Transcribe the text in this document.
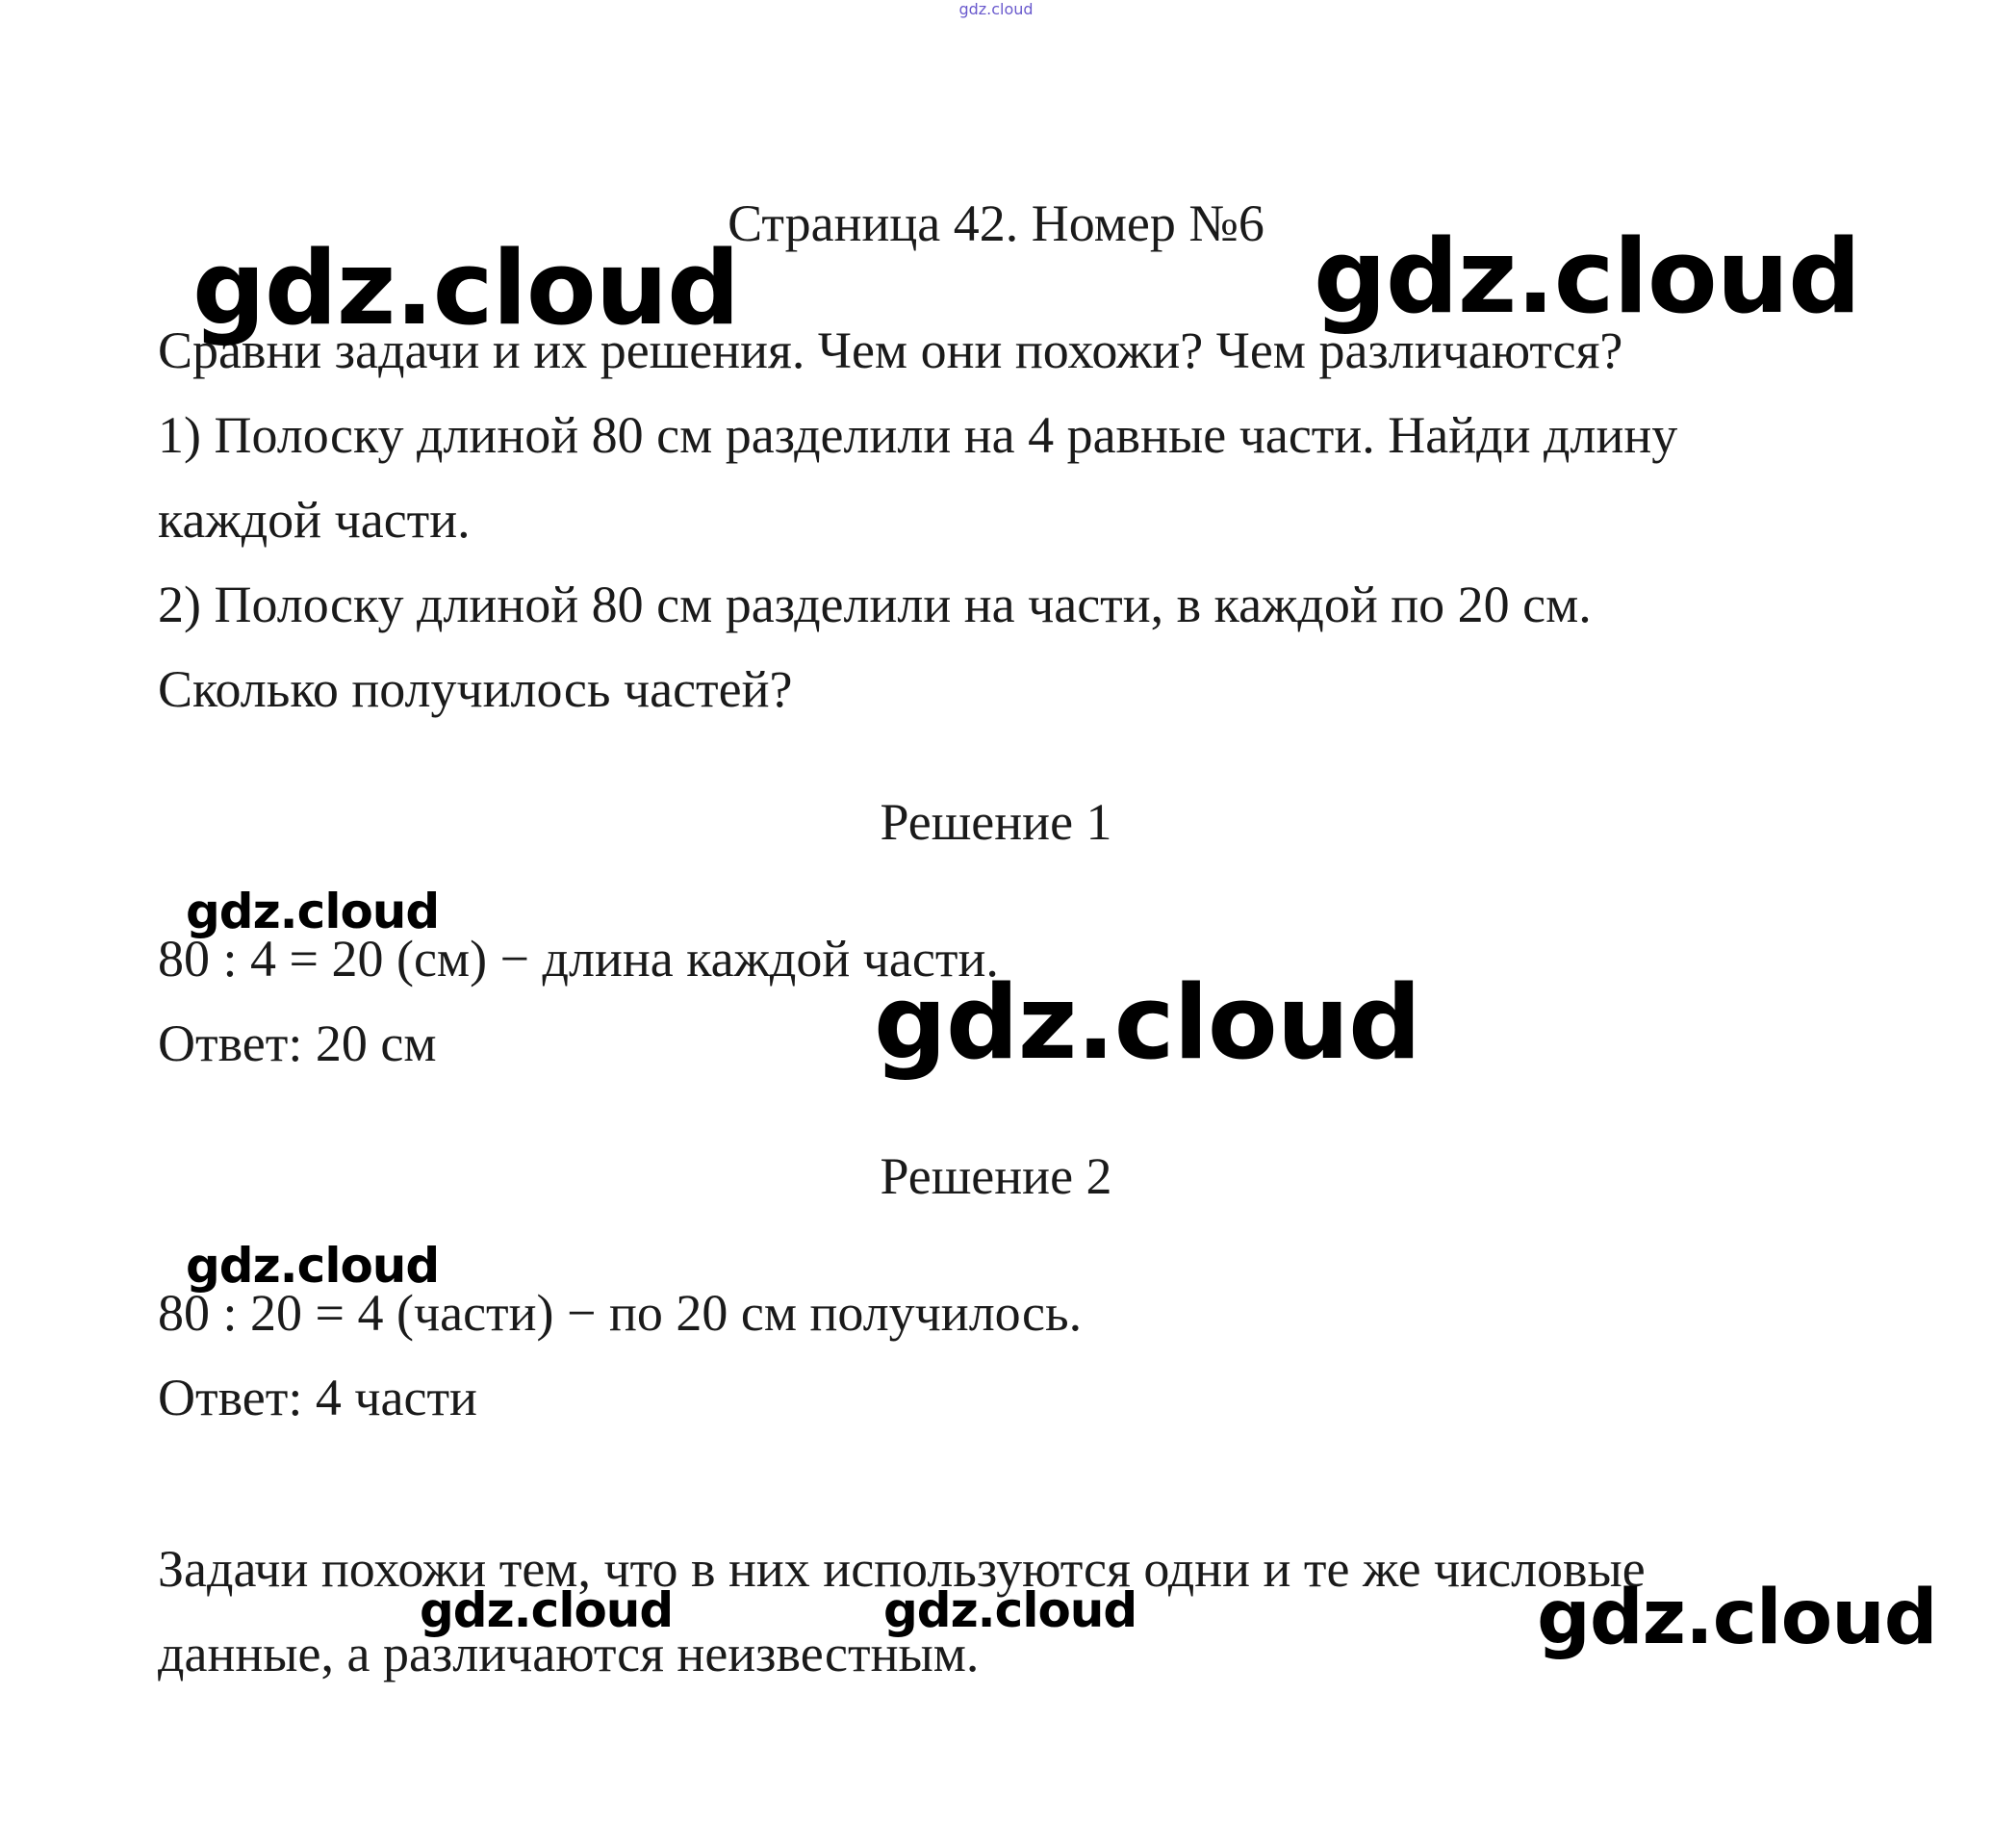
gdz.cloud
Страница 42. Номер №6
Сравни задачи и их решения. Чем они похожи? Чем различаются?
1) Полоску длиной 80 см разделили на 4 равные части. Найди длину
каждой части.
2) Полоску длиной 80 см разделили на части, в каждой по 20 см.
Сколько получилось частей?
Решение 1
80 : 4 = 20 (см) − длина каждой части.
Ответ: 20 см
Решение 2
80 : 20 = 4 (части) − по 20 см получилось.
Ответ: 4 части
Задачи похожи тем, что в них используются одни и те же числовые
данные, а различаются неизвестным.
gdz.cloud	gdz.cloud
gdz.cloud
gdz.cloud
gdz.cloud
gdz.cloud	gdz.cloud	gdz.cloud
